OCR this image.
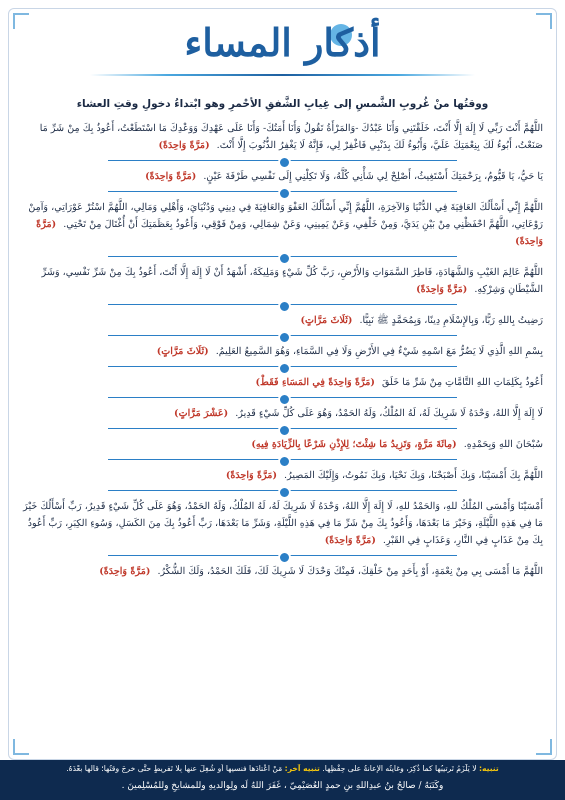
أذكار المساء
ووقتُها منْ غُروبِ الشَّمسِ إلى غِيابِ الشَّفقِ الأحْمرِ وهو ابْتداءُ دخولِ وقتِ العشاء
اللَّهُمَّ أَنْتَ رَبِّي لَا إِلَهَ إِلَّا أَنْتَ، خَلَقْتَنِي وَأَنَا عَبْدُكَ -وَالمَرْأَةُ تَقُولُ وَأَنَا أَمَتُكَ- وَأَنَا عَلَى عَهْدِكَ وَوَعْدِكَ مَا اسْتَطَعْتُ، أَعُوذُ بِكَ مِنْ شَرِّ مَا صَنَعْتُ، أَبُوءُ لَكَ بِنِعْمَتِكَ عَلَيَّ، وَأَبُوءُ لَكَ بِذَنْبِي فَاغْفِرْ لِي، فَإِنَّهُ لَا يَغْفِرُ الذُّنُوبَ إِلَّا أَنْتَ. (مَرَّةً وَاحِدَةً)
يَا حَيُّ، يَا قَيُّومُ، بِرَحْمَتِكَ أَسْتَغِيثُ، أَصْلِحْ لِي شَأْنِي كُلَّهُ، وَلَا تَكِلْنِي إِلَى نَفْسِي طَرْفَةَ عَيْنٍ. (مَرَّةً وَاحِدَةً)
اللَّهُمَّ إِنِّي أَسْأَلُكَ العَافِيَةَ فِي الدُّنْيَا وَالآخِرَةِ، اللَّهُمَّ إِنِّي أَسْأَلُكَ العَفْوَ وَالعَافِيَةَ فِي دِينِي وَدُنْيَايَ، وَأَهْلِي وَمَالِي، اللَّهُمَّ اسْتُرْ عَوْرَاتِي، وَآمِنْ رَوْعَاتِي، اللَّهُمَّ احْفَظْنِي مِنْ بَيْنِ يَدَيَّ، وَمِنْ خَلْفِي، وَعَنْ يَمِينِي، وَعَنْ شِمَالِي، وَمِنْ فَوْقِي، وَأَعُوذُ بِعَظَمَتِكَ أَنْ أُغْتَالَ مِنْ تَحْتِي. (مَرَّةً وَاحِدَةً)
اللَّهُمَّ عَالِمَ الغَيْبِ وَالشَّهَادَةِ، فَاطِرَ السَّمَوَاتِ وَالأَرْضِ، رَبَّ كُلِّ شَيْءٍ وَمَلِيكَهُ، أَشْهَدُ أَنْ لَا إِلَهَ إِلَّا أَنْتَ، أَعُوذُ بِكَ مِنْ شَرِّ نَفْسِي، وَشَرِّ الشَّيْطَانِ وَشِرْكِهِ. (مَرَّةً وَاحِدَةً)
رَضِيتُ بِاللهِ رَبًّا، وَبِالإِسْلَامِ دِينًا، وَبِمُحَمَّدٍ ﷺ نَبِيًّا. (ثَلَاثَ مَرَّاتٍ)
بِسْمِ اللهِ الَّذِي لَا يَضُرُّ مَعَ اسْمِهِ شَيْءٌ فِي الأَرْضِ وَلَا فِي السَّمَاءِ، وَهُوَ السَّمِيعُ العَلِيمُ. (ثَلَاثَ مَرَّاتٍ)
أَعُوذُ بِكَلِمَاتِ اللهِ التَّامَّاتِ مِنْ شَرِّ مَا خَلَقَ (مَرَّةً وَاحِدَةً فِي المَسَاءِ فَقَطْ)
لَا إِلَهَ إِلَّا اللهُ، وَحْدَهُ لَا شَرِيكَ لَهُ، لَهُ المُلْكُ، وَلَهُ الحَمْدُ، وَهُوَ عَلَى كُلِّ شَيْءٍ قَدِيرٌ. (عَشْرَ مَرَّاتٍ)
سُبْحَانَ اللهِ وَبِحَمْدِهِ. (مِائَةَ مَرَّةٍ، وَتَزِيدُ مَا شِئْتَ؛ لِلإِذْنِ شَرْعًا بِالزِّيَادَةِ فِيهِ)
اللَّهُمَّ بِكَ أَمْسَيْنَا، وَبِكَ أَصْبَحْنَا، وَبِكَ نَحْيَا، وَبِكَ نَمُوتُ، وَإِلَيْكَ المَصِيرُ. (مَرَّةً وَاحِدَةً)
أَمْسَيْنَا وَأَمْسَى المُلْكُ للهِ، وَالحَمْدُ للهِ، لَا إِلَهَ إِلَّا اللهُ، وَحْدَهُ لَا شَرِيكَ لَهُ، لَهُ المُلْكُ، وَلَهُ الحَمْدُ، وَهُوَ عَلَى كُلِّ شَيْءٍ قَدِيرٌ، رَبِّ أَسْأَلُكَ خَيْرَ مَا فِي هَذِهِ اللَّيْلَةِ، وَخَيْرَ مَا بَعْدَهَا، وَأَعُوذُ بِكَ مِنْ شَرِّ مَا فِي هَذِهِ اللَّيْلَةِ، وَشَرِّ مَا بَعْدَهَا، رَبِّ أَعُوذُ بِكَ مِنَ الكَسَلِ، وَسُوءِ الكِبَرِ، رَبِّ أَعُوذُ بِكَ مِنْ عَذَابٍ فِي النَّارِ، وَعَذَابٍ فِي القَبْرِ. (مَرَّةً وَاحِدَةً)
اللَّهُمَّ مَا أَمْسَى بِي مِنْ نِعْمَةٍ، أَوْ بِأَحَدٍ مِنْ خَلْقِكَ، فَمِنْكَ وَحْدَكَ لَا شَرِيكَ لَكَ، فَلَكَ الحَمْدُ، وَلَكَ الشُّكْرُ. (مَرَّةً وَاحِدَةً)
تنبيه: لا يَلْزَمُ تَرتيبُها كما ذُكِرَ، وغايتُه الإعانةُ على حِفْظِها. تنبيه آخر: مَنْ اعْتادَها فنسيها أو شُغِلَ عنها بِلا تَفريطٍ حتَّى خرجَ وقتُها؛ قالها بعْدَهُ.
وكَتَبَهُ / صالحُ بنُ عبدِاللهِ بنِ حمدٍ العُصَيْمِيّ ، غَفَرَ اللهُ لَه ولِوالديهِ وللمشايخِ وللمُسْلِمينَ .
